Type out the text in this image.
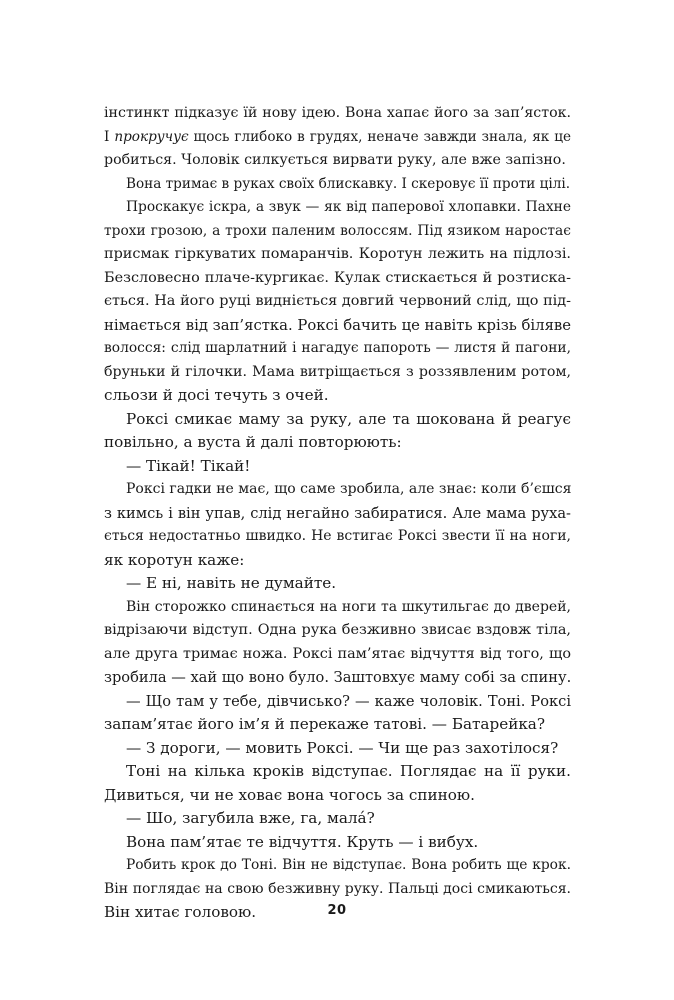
інстинкт підказує їй нову ідею. Вона хапає його за зап’ясток.
І прокручує щось глибоко в грудях, неначе завжди знала, як це
робиться. Чоловік силкується вирвати руку, але вже запізно.
Вона тримає в руках своїх блискавку. І скеровує її проти цілі.
Проскакує іскра, а звук — як від паперової хлопавки. Пахне
трохи грозою, а трохи паленим волоссям. Під язиком наростає
присмак гіркуватих помаранчів. Коротун лежить на підлозі.
Безсловесно плаче-кургикає. Кулак стискається й розтиска-
ється. На його руці видніється довгий червоний слід, що під-
німається від зап’ястка. Роксі бачить це навіть крізь біляве
волосся: слід шарлатний і нагадує папороть — листя й пагони,
бруньки й гілочки. Мама витріщається з роззявленим ротом,
сльози й досі течуть з очей.
Роксі смикає маму за руку, але та шокована й реагує
повільно, а вуста й далі повторюють:
— Тікай! Тікай!
Роксі гадки не має, що саме зробила, але знає: коли б’єшся
з кимсь і він упав, слід негайно забиратися. Але мама руха-
ється недостатньо швидко. Не встигає Роксі звести її на ноги,
як коротун каже:
— Е ні, навіть не думайте.
Він сторожко спинається на ноги та шкутильгає до дверей,
відрізаючи відступ. Одна рука безживно звисає вздовж тіла,
але друга тримає ножа. Роксі пам’ятає відчуття від того, що
зробила — хай що воно було. Заштовхує маму собі за спину.
— Що там у тебе, дівчисько? — каже чоловік. Тоні. Роксі
запам’ятає його ім’я й перекаже татові. — Батарейка?
— З дороги, — мовить Роксі. — Чи ще раз захотілося?
Тоні на кілька кроків відступає. Поглядає на її руки.
Дивиться, чи не ховає вона чогось за спиною.
— Шо, загубила вже, га, мала́?
Вона пам’ятає те відчуття. Круть — і вибух.
Робить крок до Тоні. Він не відступає. Вона робить ще крок.
Він поглядає на свою безживну руку. Пальці досі смикаються.
Він хитає головою.	20
